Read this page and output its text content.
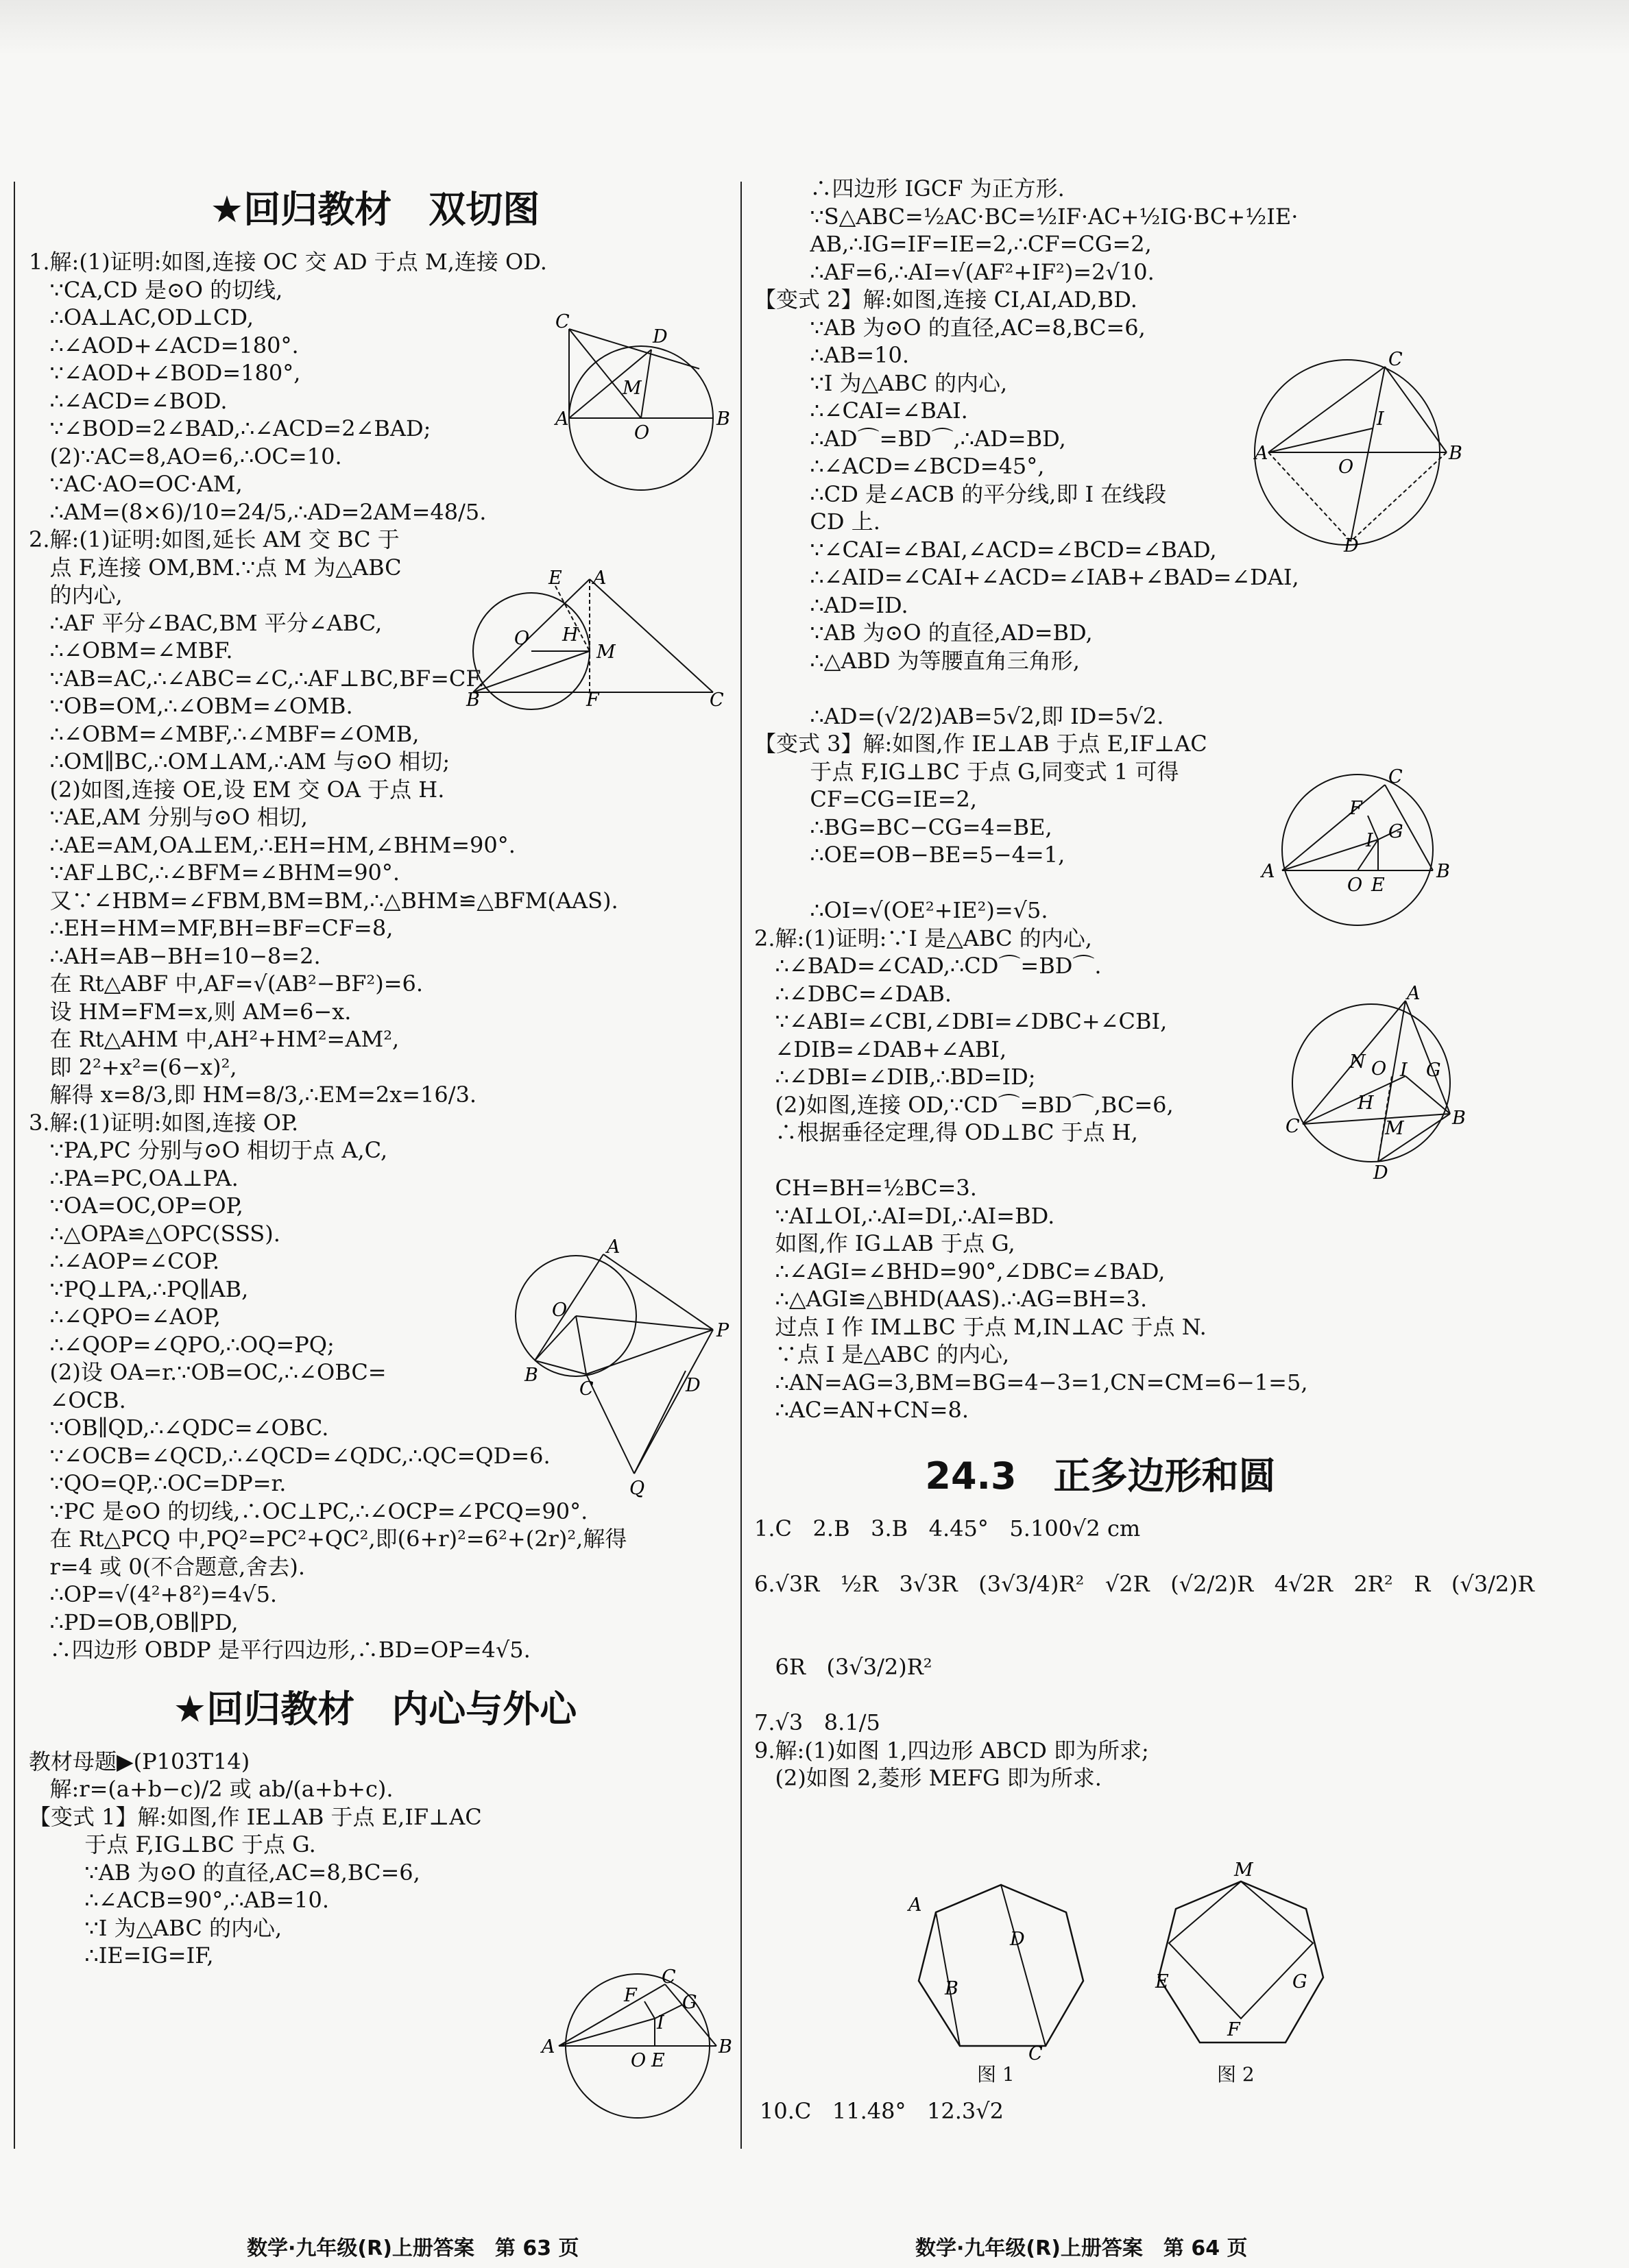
★回归教材　双切图
1.解:(1)证明:如图,连接 OC 交 AD 于点 M,连接 OD.
∵CA,CD 是⊙O 的切线,
∴OA⊥AC,OD⊥CD,
∴∠AOD+∠ACD=180°.
∵∠AOD+∠BOD=180°,
∴∠ACD=∠BOD.
∵∠BOD=2∠BAD,∴∠ACD=2∠BAD;
(2)∵AC=8,AO=6,∴OC=10.
∵AC·AO=OC·AM,
∴AM=(8×6)/10=24/5,∴AD=2AM=48/5.
2.解:(1)证明:如图,延长 AM 交 BC 于
点 F,连接 OM,BM.∵点 M 为△ABC
的内心,
∴AF 平分∠BAC,BM 平分∠ABC,
∴∠OBM=∠MBF.
∵AB=AC,∴∠ABC=∠C,∴AF⊥BC,BF=CF.
∵OB=OM,∴∠OBM=∠OMB.
∴∠OBM=∠MBF,∴∠MBF=∠OMB,
∴OM∥BC,∴OM⊥AM,∴AM 与⊙O 相切;
(2)如图,连接 OE,设 EM 交 OA 于点 H.
∵AE,AM 分别与⊙O 相切,
∴AE=AM,OA⊥EM,∴EH=HM,∠BHM=90°.
∵AF⊥BC,∴∠BFM=∠BHM=90°.
又∵∠HBM=∠FBM,BM=BM,∴△BHM≌△BFM(AAS).
∴EH=HM=MF,BH=BF=CF=8,
∴AH=AB−BH=10−8=2.
在 Rt△ABF 中,AF=√(AB²−BF²)=6.
设 HM=FM=x,则 AM=6−x.
在 Rt△AHM 中,AH²+HM²=AM²,
即 2²+x²=(6−x)²,
解得 x=8/3,即 HM=8/3,∴EM=2x=16/3.
3.解:(1)证明:如图,连接 OP.
∵PA,PC 分别与⊙O 相切于点 A,C,
∴PA=PC,OA⊥PA.
∵OA=OC,OP=OP,
∴△OPA≌△OPC(SSS).
∴∠AOP=∠COP.
∵PQ⊥PA,∴PQ∥AB,
∴∠QPO=∠AOP,
∴∠QOP=∠QPO,∴OQ=PQ;
(2)设 OA=r.∵OB=OC,∴∠OBC=
∠OCB.
∵OB∥QD,∴∠QDC=∠OBC.
∵∠OCB=∠QCD,∴∠QCD=∠QDC,∴QC=QD=6.
∵QO=QP,∴OC=DP=r.
∵PC 是⊙O 的切线,∴OC⊥PC,∴∠OCP=∠PCQ=90°.
在 Rt△PCQ 中,PQ²=PC²+QC²,即(6+r)²=6²+(2r)²,解得
r=4 或 0(不合题意,舍去).
∴OP=√(4²+8²)=4√5.
∴PD=OB,OB∥PD,
∴四边形 OBDP 是平行四边形,∴BD=OP=4√5.
★回归教材　内心与外心
教材母题▶(P103T14)
解:r=(a+b−c)/2 或 ab/(a+b+c).
【变式 1】解:如图,作 IE⊥AB 于点 E,IF⊥AC
于点 F,IG⊥BC 于点 G.
∵AB 为⊙O 的直径,AC=8,BC=6,
∴∠ACB=90°,∴AB=10.
∵I 为△ABC 的内心,
∴IE=IG=IF,
∴四边形 IGCF 为正方形.
∵S△ABC=½AC·BC=½IF·AC+½IG·BC+½IE·
AB,∴IG=IF=IE=2,∴CF=CG=2,
∴AF=6,∴AI=√(AF²+IF²)=2√10.
【变式 2】解:如图,连接 CI,AI,AD,BD.
∵AB 为⊙O 的直径,AC=8,BC=6,
∴AB=10.
∵I 为△ABC 的内心,
∴∠CAI=∠BAI.
∴AD⌒=BD⌒,∴AD=BD,
∴∠ACD=∠BCD=45°,
∴CD 是∠ACB 的平分线,即 I 在线段
CD 上.
∵∠CAI=∠BAI,∠ACD=∠BCD=∠BAD,
∴∠AID=∠CAI+∠ACD=∠IAB+∠BAD=∠DAI,
∴AD=ID.
∵AB 为⊙O 的直径,AD=BD,
∴△ABD 为等腰直角三角形,
∴AD=(√2/2)AB=5√2,即 ID=5√2.
【变式 3】解:如图,作 IE⊥AB 于点 E,IF⊥AC
于点 F,IG⊥BC 于点 G,同变式 1 可得
CF=CG=IE=2,
∴BG=BC−CG=4=BE,
∴OE=OB−BE=5−4=1,
∴OI=√(OE²+IE²)=√5.
2.解:(1)证明:∵I 是△ABC 的内心,
∴∠BAD=∠CAD,∴CD⌒=BD⌒.
∴∠DBC=∠DAB.
∵∠ABI=∠CBI,∠DBI=∠DBC+∠CBI,
∠DIB=∠DAB+∠ABI,
∴∠DBI=∠DIB,∴BD=ID;
(2)如图,连接 OD,∵CD⌒=BD⌒,BC=6,
∴根据垂径定理,得 OD⊥BC 于点 H,
CH=BH=½BC=3.
∵AI⊥OI,∴AI=DI,∴AI=BD.
如图,作 IG⊥AB 于点 G,
∴∠AGI=∠BHD=90°,∠DBC=∠BAD,
∴△AGI≌△BHD(AAS).∴AG=BH=3.
过点 I 作 IM⊥BC 于点 M,IN⊥AC 于点 N.
∵点 I 是△ABC 的内心,
∴AN=AG=3,BM=BG=4−3=1,CN=CM=6−1=5,
∴AC=AN+CN=8.
24.3　正多边形和圆
1.C   2.B   3.B   4.45°   5.100√2 cm
6.√3R   ½R   3√3R   (3√3/4)R²   √2R   (√2/2)R   4√2R   2R²   R   (√3/2)R
6R   (3√3/2)R²
7.√3   8.1/5
9.解:(1)如图 1,四边形 ABCD 即为所求;
(2)如图 2,菱形 MEFG 即为所求.
C
D
M
A	B
O
E A
O H
M
B	F	C
A
O
P
B
C	D
Q
A
C
F G
I
O E
B
C
I
A
O
B
D
C
F
G
I
A
O E
B
A
N O I G
H
M
C	B
D
A
D
B
C
图 1
M
E	G
F
图 2
10.C   11.48°   12.3√2
数学·九年级(R)上册答案　第 63 页	数学·九年级(R)上册答案　第 64 页
